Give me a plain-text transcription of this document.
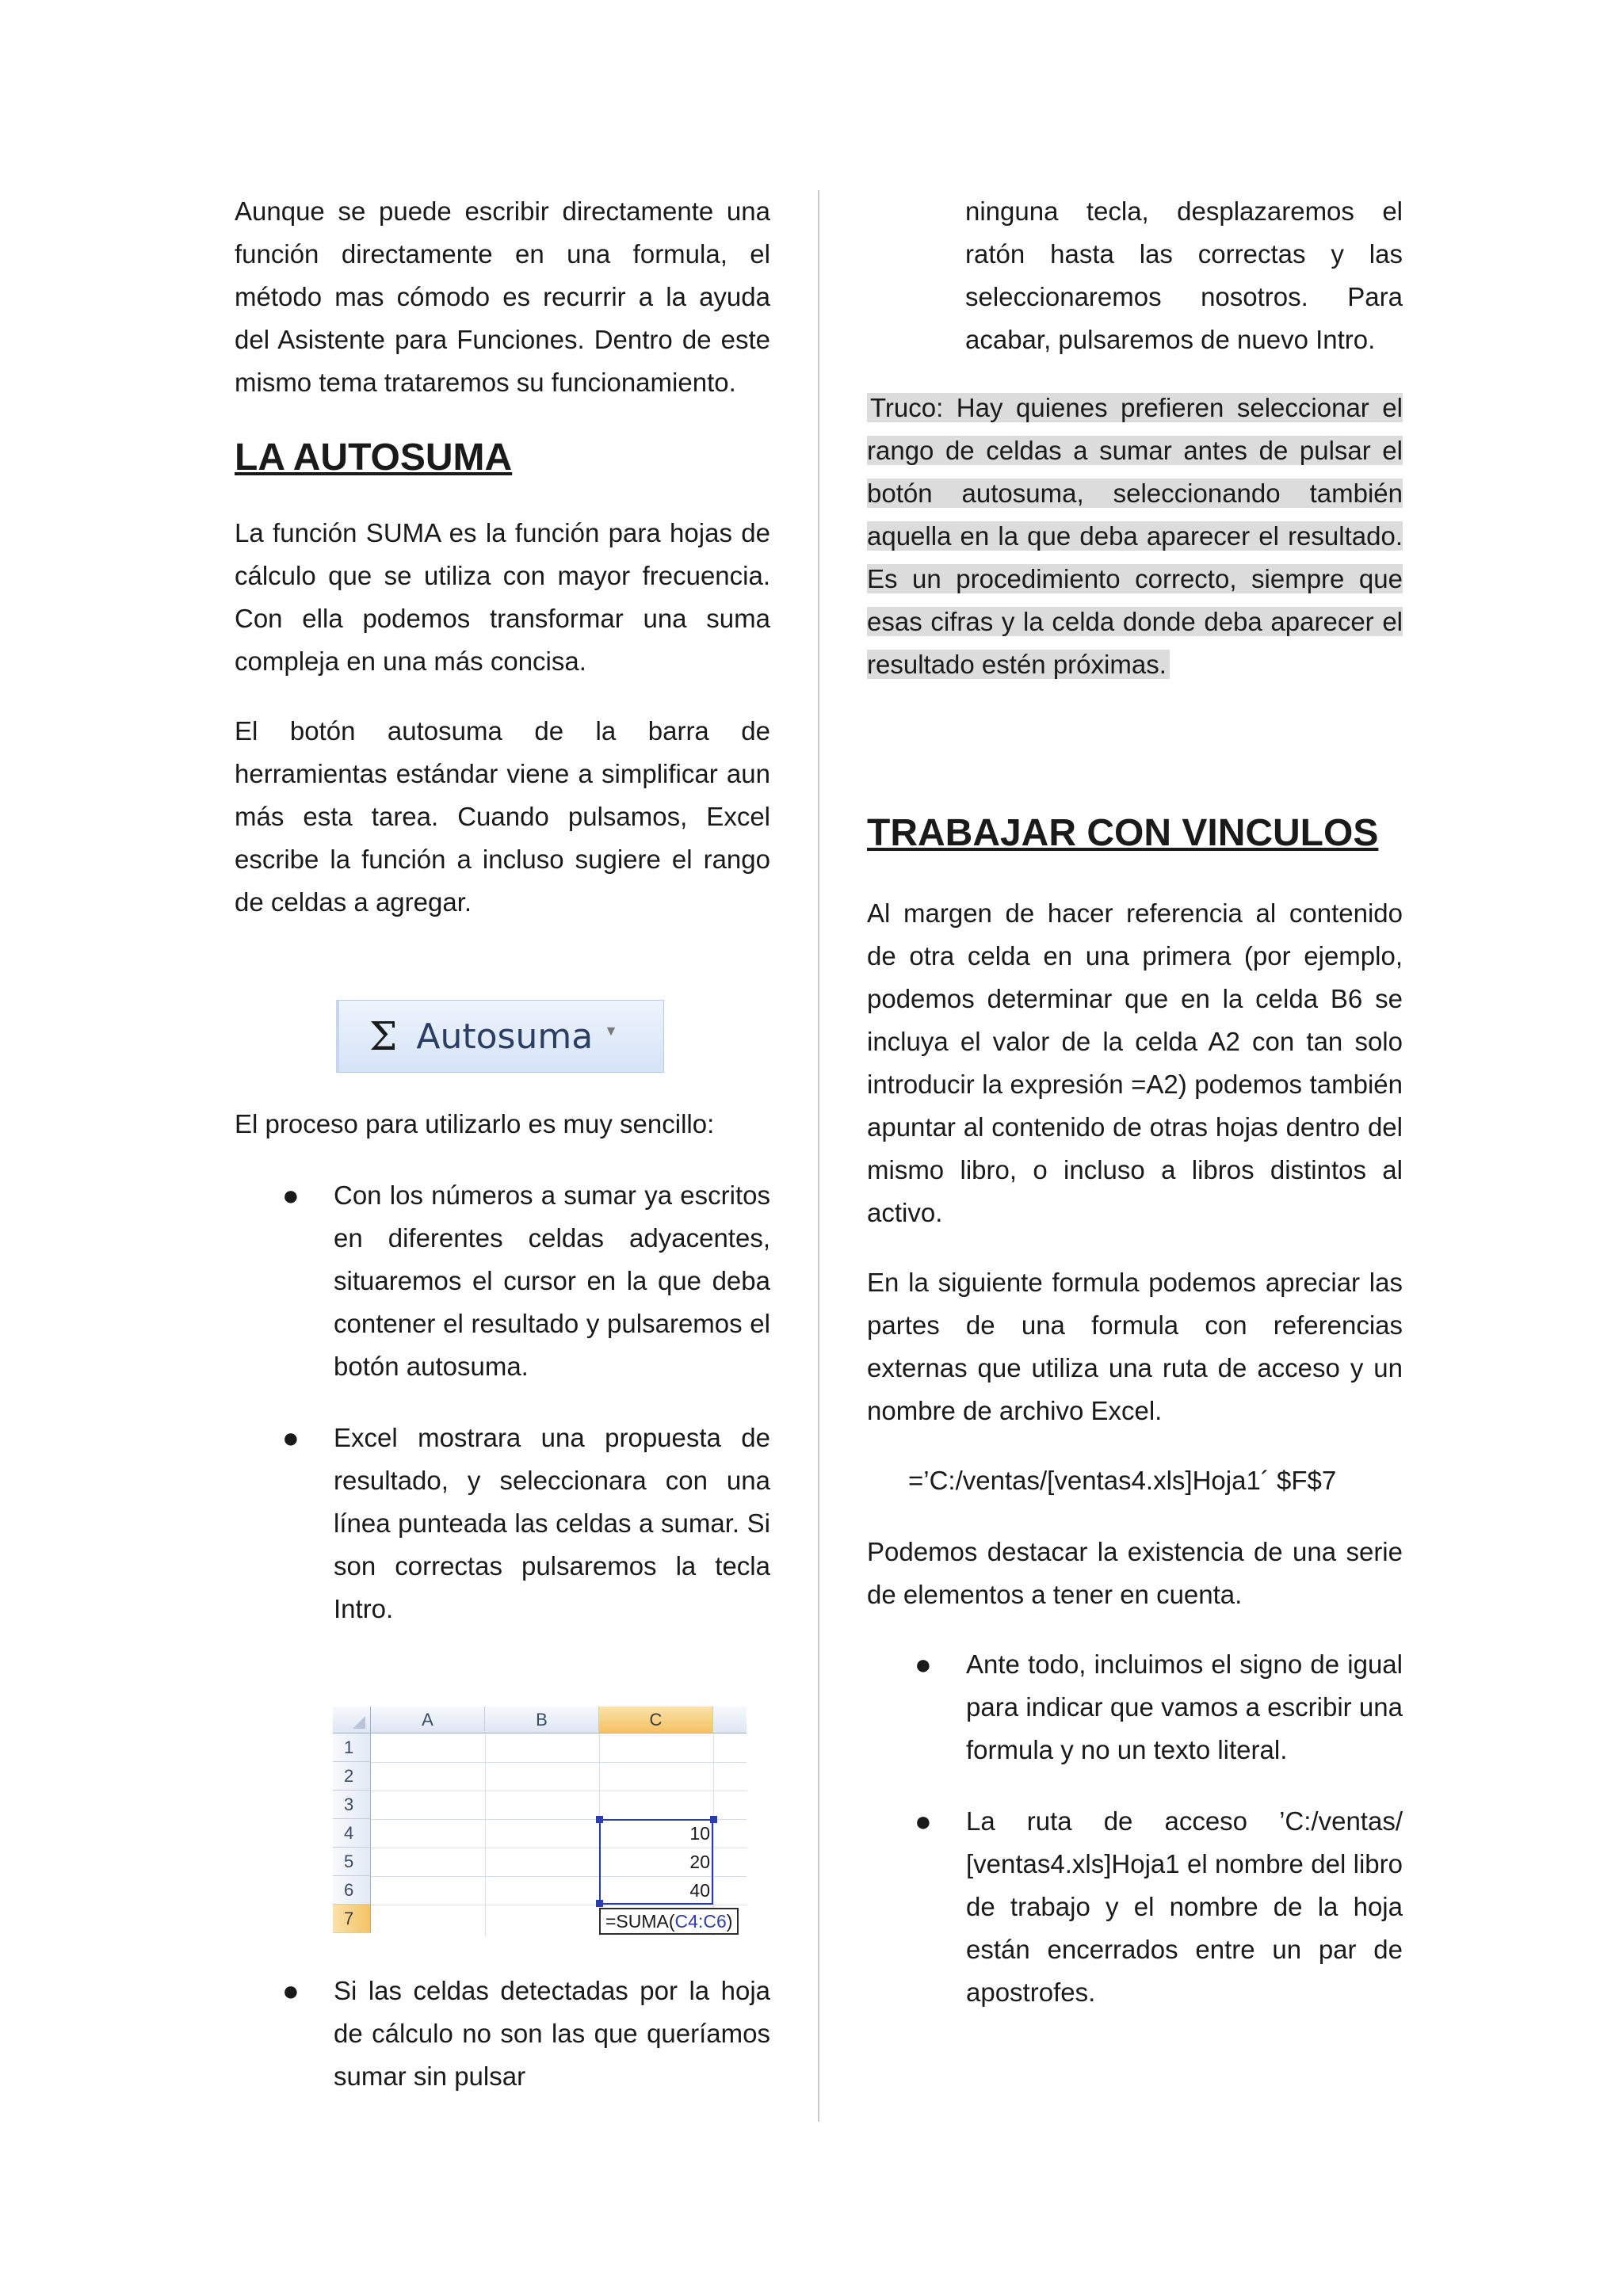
Aunque se puede escribir directamente una función directamente en una formula, el método mas cómodo es recurrir a la ayuda del Asistente para Funciones. Dentro de este mismo tema trataremos su funcionamiento.

LA AUTOSUMA

La función SUMA es la función para hojas de cálculo que se utiliza con mayor frecuencia. Con ella podemos transformar una suma compleja en una más concisa.

El botón autosuma de la barra de herramientas estándar viene a simplificar aun más esta tarea. Cuando pulsamos, Excel escribe la función a incluso sugiere el rango de celdas a agregar.

Σ Autosuma ▼

El proceso para utilizarlo es muy sencillo:

● Con los números a sumar ya escritos en diferentes celdas adyacentes, situaremos el cursor en la que deba contener el resultado y pulsaremos el botón autosuma.
● Excel mostrara una propuesta de resultado, y seleccionara con una línea punteada las celdas a sumar. Si son correctas pulsaremos la tecla Intro.
A	B	C
1
2
3
4
5
6
7
10
20
40
=SUMA(C4:C6)
● Si las celdas detectadas por la hoja de cálculo no son las que queríamos sumar sin pulsar

ninguna tecla, desplazaremos el ratón hasta las correctas y las seleccionaremos nosotros. Para acabar, pulsaremos de nuevo Intro.

Truco: Hay quienes prefieren seleccionar el rango de celdas a sumar antes de pulsar el botón autosuma, seleccionando también aquella en la que deba aparecer el resultado. Es un procedimiento correcto, siempre que esas cifras y la celda donde deba aparecer el resultado estén próximas.

TRABAJAR CON VINCULOS

Al margen de hacer referencia al contenido de otra celda en una primera (por ejemplo, podemos determinar que en la celda B6 se incluya el valor de la celda A2 con tan solo introducir la expresión =A2) podemos también apuntar al contenido de otras hojas dentro del mismo libro, o incluso a libros distintos al activo.

En la siguiente formula podemos apreciar las partes de una formula con referencias externas que utiliza una ruta de acceso y un nombre de archivo Excel.

=’C:/ventas/[ventas4.xls]Hoja1´ $F$7

Podemos destacar la existencia de una serie de elementos a tener en cuenta.

● Ante todo, incluimos el signo de igual para indicar que vamos a escribir una formula y no un texto literal.
● La ruta de acceso ’C:/ventas/ [ventas4.xls]Hoja1 el nombre del libro de trabajo y el nombre de la hoja están encerrados entre un par de apostrofes.
